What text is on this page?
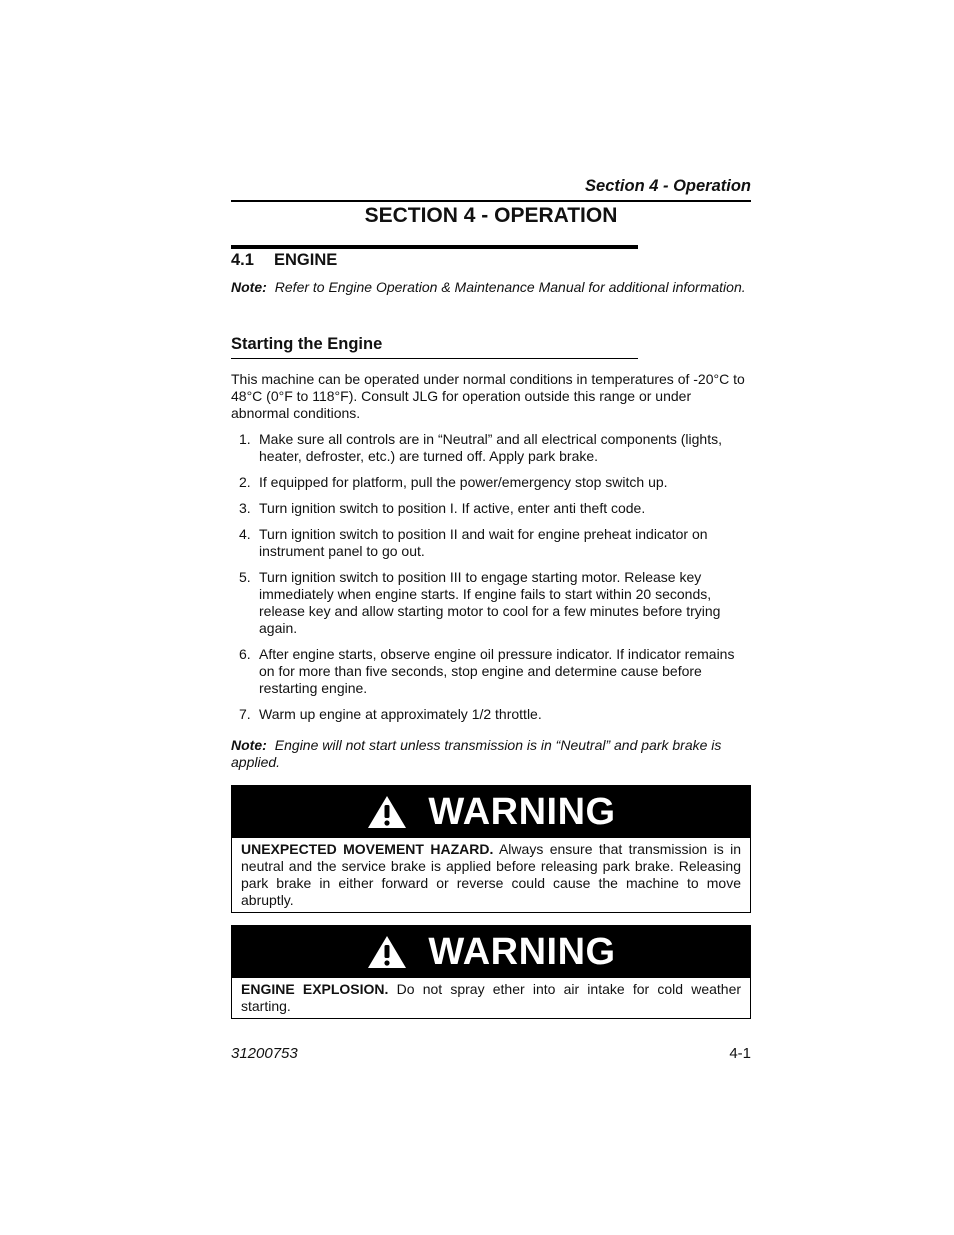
Section 4 - Operation
SECTION 4 - OPERATION
4.1 ENGINE
Note: Refer to Engine Operation & Maintenance Manual for additional information.
Starting the Engine
This machine can be operated under normal conditions in temperatures of -20°C to 48°C (0°F to 118°F). Consult JLG for operation outside this range or under abnormal conditions.
1. Make sure all controls are in “Neutral” and all electrical components (lights, heater, defroster, etc.) are turned off. Apply park brake.
2. If equipped for platform, pull the power/emergency stop switch up.
3. Turn ignition switch to position I. If active, enter anti theft code.
4. Turn ignition switch to position II and wait for engine preheat indicator on instrument panel to go out.
5. Turn ignition switch to position III to engage starting motor. Release key immediately when engine starts. If engine fails to start within 20 seconds, release key and allow starting motor to cool for a few minutes before trying again.
6. After engine starts, observe engine oil pressure indicator. If indicator remains on for more than five seconds, stop engine and determine cause before restarting engine.
7. Warm up engine at approximately 1/2 throttle.
Note: Engine will not start unless transmission is in “Neutral” and park brake is applied.
WARNING
UNEXPECTED MOVEMENT HAZARD. Always ensure that transmission is in neutral and the service brake is applied before releasing park brake. Releasing park brake in either forward or reverse could cause the machine to move abruptly.
WARNING
ENGINE EXPLOSION. Do not spray ether into air intake for cold weather starting.
31200753	4-1
